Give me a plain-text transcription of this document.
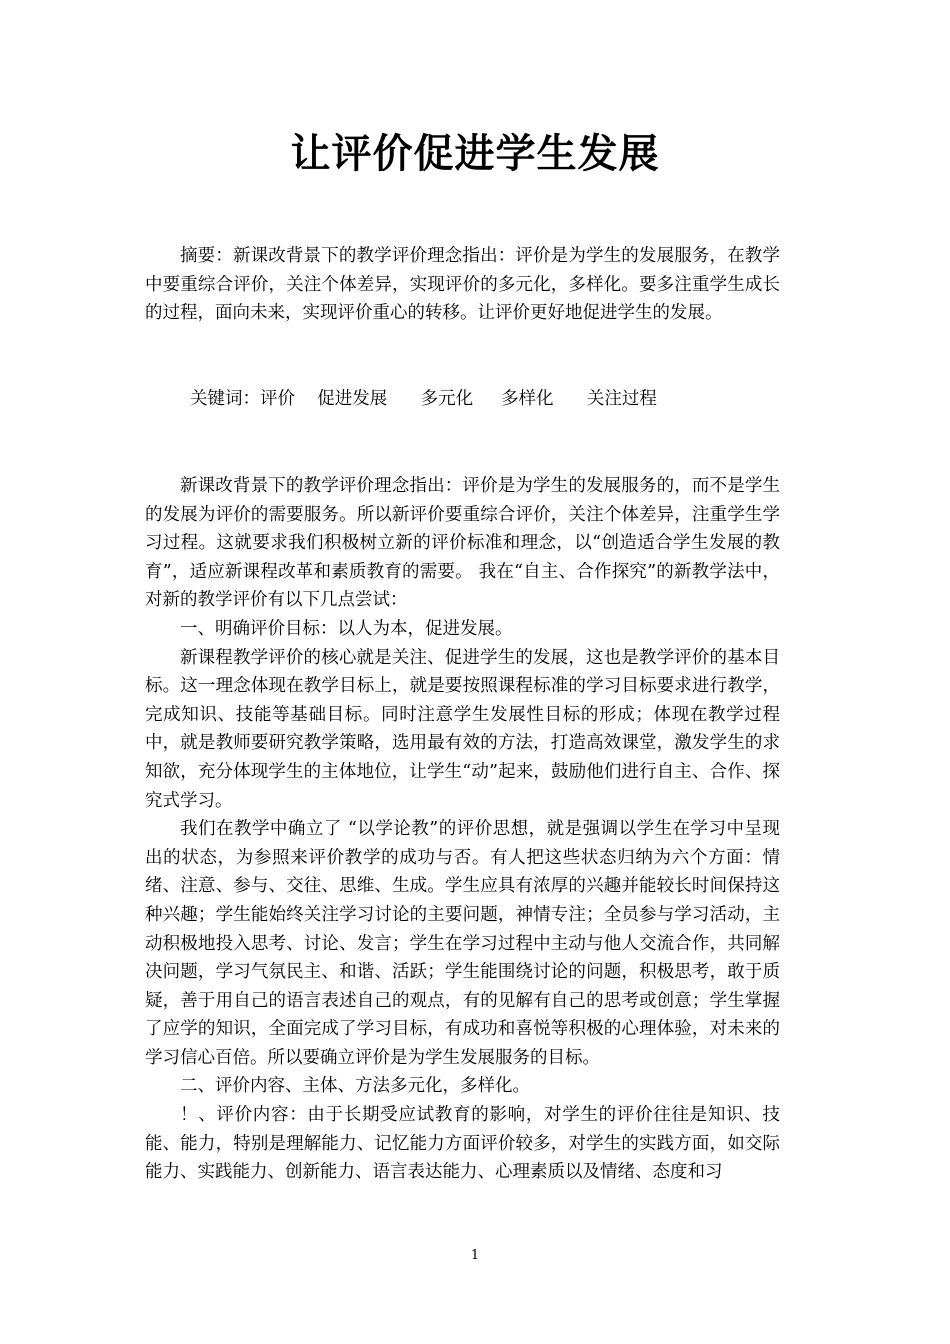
让评价促进学生发展

摘要：新课改背景下的教学评价理念指出：评价是为学生的发展服务，在教学中要重综合评价，关注个体差异，实现评价的多元化，多样化。要多注重学生成长的过程，面向未来，实现评价重心的转移。让评价更好地促进学生的发展。

关键词：评价    促进发展      多元化     多样化      关注过程

新课改背景下的教学评价理念指出：评价是为学生的发展服务的，而不是学生的发展为评价的需要服务。所以新评价要重综合评价，关注个体差异，注重学生学习过程。这就要求我们积极树立新的评价标准和理念，以“创造适合学生发展的教育”，适应新课程改革和素质教育的需要。 我在“自主、合作探究”的新教学法中，对新的教学评价有以下几点尝试：

一、明确评价目标：以人为本，促进发展。

新课程教学评价的核心就是关注、促进学生的发展，这也是教学评价的基本目标。这一理念体现在教学目标上，就是要按照课程标准的学习目标要求进行教学，完成知识、技能等基础目标。同时注意学生发展性目标的形成；体现在教学过程中，就是教师要研究教学策略，选用最有效的方法，打造高效课堂，激发学生的求知欲，充分体现学生的主体地位，让学生“动”起来，鼓励他们进行自主、合作、探究式学习。

我们在教学中确立了 “以学论教”的评价思想，就是强调以学生在学习中呈现出的状态，为参照来评价教学的成功与否。有人把这些状态归纳为六个方面：情绪、注意、参与、交往、思维、生成。学生应具有浓厚的兴趣并能较长时间保持这种兴趣；学生能始终关注学习讨论的主要问题，神情专注；全员参与学习活动，主动积极地投入思考、讨论、发言；学生在学习过程中主动与他人交流合作，共同解决问题，学习气氛民主、和谐、活跃；学生能围绕讨论的问题，积极思考，敢于质疑，善于用自己的语言表述自己的观点，有的见解有自己的思考或创意；学生掌握了应学的知识，全面完成了学习目标，有成功和喜悦等积极的心理体验，对未来的学习信心百倍。所以要确立评价是为学生发展服务的目标。

二、评价内容、主体、方法多元化，多样化。

！、评价内容：由于长期受应试教育的影响，对学生的评价往往是知识、技能、能力，特别是理解能力、记忆能力方面评价较多，对学生的实践方面，如交际能力、实践能力、创新能力、语言表达能力、心理素质以及情绪、态度和习

1
